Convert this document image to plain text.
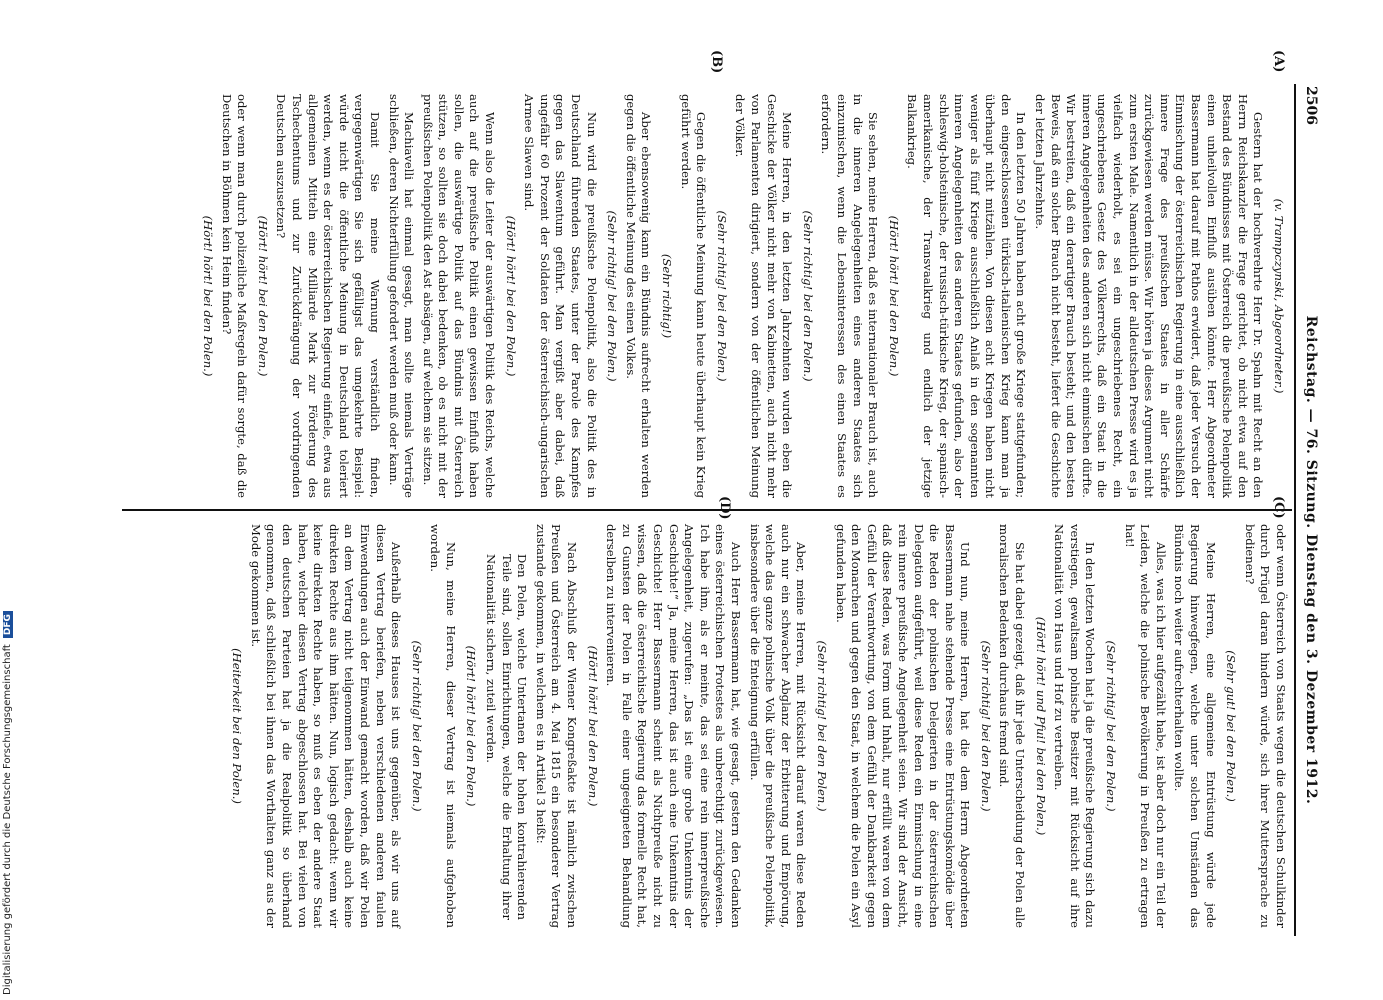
Digitalisierung gefördert durch die Deutsche ForschungsgemeinschaftDFG
2506
Reichstag. — 76. Sitzung. Dienstag den 3. Dezember 1912.
(A)
(B)
(C)
(D)

(v. Trampczynski, Abgeordneter.)

Gestern hat der hochverehrte Herr Dr. Spahn mit Recht an den Herrn Reichskanzler die Frage gerichtet, ob nicht etwa auf den Bestand des Bündnisses mit Österreich die preußische Polenpolitik einen unheilvollen Einfluß ausüben könnte. Herr Abgeordneter Bassermann hat darauf mit Pathos erwidert, daß jeder Versuch der Einmischung der österreichischen Regierung in eine ausschließlich innere Frage des preußischen Staates in aller Schärfe zurückgewiesen werden müsse. Wir hören ja dieses Argument nicht zum ersten Male. Namentlich in der alldeutschen Presse wird es ja vielfach wiederholt, es sei ein ungeschriebenes Recht, ein ungeschriebenes Gesetz des Völkerrechts, daß ein Staat in die inneren Angelegenheiten des anderen sich nicht einmischen dürfte. Wir bestreiten, daß ein derartiger Brauch besteht; und den besten Beweis, daß ein solcher Brauch nicht besteht, liefert die Geschichte der letzten Jahrzehnte.

In den letzten 50 Jahren haben acht große Kriege stattgefunden; den eingeschlossenen türkisch-italienischen Krieg kann man ja überhaupt nicht mitzählen. Von diesen acht Kriegen haben nicht weniger als fünf Kriege ausschließlich Anlaß in den sogenannten inneren Angelegenheiten des anderen Staates gefunden, also der schleswig-holsteinische, der russisch-türkische Krieg, der spanisch-amerikanische, der Transvaalkrieg und endlich der jetzige Balkankrieg.

(Hört! hört! bei den Polen.)

Sie sehen, meine Herren, daß es internationaler Brauch ist, auch in die inneren Angelegenheiten eines anderen Staates sich einzumischen, wenn die Lebensinteressen des einen Staates es erfordern.

(Sehr richtig! bei den Polen.)

Meine Herren, in den letzten Jahrzehnten wurden eben die Geschicke der Völker nicht mehr von Kabinetten, auch nicht mehr von Parlamenten dirigiert, sondern von der öffentlichen Meinung der Völker.

(Sehr richtig! bei den Polen.)

Gegen die öffentliche Meinung kann heute überhaupt kein Krieg geführt werden.

(Sehr richtig!)

Aber ebensowenig kann ein Bündnis aufrecht erhalten werden gegen die öffentliche Meinung des einen Volkes.

(Sehr richtig! bei den Polen.)

Nun wird die preußische Polenpolitik, also die Politik des in Deutschland führenden Staates, unter der Parole des Kampfes gegen das Slawentum geführt. Man vergißt aber dabei, daß ungefähr 60 Prozent der Soldaten der österreichisch-ungarischen Armee Slawen sind.

(Hört! hört! bei den Polen.)

Wenn also die Leiter der auswärtigen Politik des Reichs, welche auch auf die preußische Politik einen gewissen Einfluß haben sollen, die auswärtige Politik auf das Bündnis mit Österreich stützen, so sollten sie doch dabei bedenken, ob es nicht mit der preußischen Polenpolitik den Ast absägen, auf welchem sie sitzen.

Machiavelli hat einmal gesagt, man sollte niemals Verträge schließen, deren Nichterfüllung gefordert werden muß oder kann.

Damit Sie meine Warnung verständlich finden, vergegenwärtigen Sie sich gefälligst das umgekehrte Beispiel: würde nicht die öffentliche Meinung in Deutschland toleriert werden, wenn es der österreichischen Regierung einfiele, etwa aus allgemeinen Mitteln eine Milliarde Mark zur Förderung des Tschechentums und zur Zurückdrängung der vordringenden Deutschen auszusetzen?

(Hört! hört! bei den Polen.)

oder wenn man durch polizeiliche Maßregeln dafür sorgte, daß die Deutschen in Böhmen kein Heim finden?

(Hört! hört! bei den Polen.)

oder wenn Österreich von Staats wegen die deutschen Schulkinder durch Prügel daran hindern würde, sich ihrer Muttersprache zu bedienen?

(Sehr gut! bei den Polen.)

Meine Herren, eine allgemeine Entrüstung würde jede Regierung hinwegfegen, welche unter solchen Umständen das Bündnis noch weiter aufrechterhalten wollte.

Alles, was ich hier aufgezählt habe, ist aber doch nur ein Teil der Leiden, welche die polnische Bevölkerung in Preußen zu ertragen hat!

(Sehr richtig! bei den Polen.)

In den letzten Wochen hat ja die preußische Regierung sich dazu verstiegen, gewaltsam polnische Besitzer mit Rücksicht auf ihre Nationalität von Haus und Hof zu vertreiben.

(Hört! hört! und Pfui! bei den Polen.)

Sie hat dabei gezeigt, daß ihr jede Unterscheidung der Polen alle moralischen Bedenken durchaus fremd sind.

(Sehr richtig! bei den Polen.)

Und nun, meine Herren, hat die dem Herrn Abgeordneten Bassermann nahe stehende Presse eine Entrüstungskomödie über die Reden der polnischen Delegierten in der österreichischen Delegation aufgeführt, weil diese Reden ein Einmischung in eine rein innere preußische Angelegenheit seien. Wir sind der Ansicht, daß diese Reden, was Form und Inhalt, nur erfüllt waren von dem Gefühl der Verantwortung, von dem Gefühl der Dankbarkeit gegen den Monarchen und gegen den Staat, in welchem die Polen ein Asyl gefunden haben.

(Sehr richtig! bei den Polen.)

Aber, meine Herren, mit Rücksicht darauf waren diese Reden auch nur ein schwacher Abglanz der Erbitterung und Empörung, welche das ganze polnische Volk über die preußische Polenpolitik, insbesondere über die Enteignung erfüllen.

Auch Herr Bassermann hat, wie gesagt, gestern den Gedanken eines österreichischen Protestes als unberechtigt zurückgewiesen. Ich habe ihm, als er meinte, das sei eine rein innerpreußische Angelegenheit, zugerufen: „Das ist eine grobe Unkenntnis der Geschichte!“ Ja, meine Herren, das ist auch eine Unkenntnis der Geschichte! Herr Bassermann scheint als Nichtpreuße nicht zu wissen, daß die österreichische Regierung das formelle Recht hat, zu Gunsten der Polen in Falle einer ungeeigneten Behandlung derselben zu intervenieren.

(Hört! hört! bei den Polen.)

Nach Abschluß der Wiener Kongreßakte ist nämlich zwischen Preußen und Österreich am 4. Mai 1815 ein besonderer Vertrag zustande gekommen, in welchem es in Artikel 3 heißt:

Den Polen, welche Untertanen der hohen kontrahierenden Teile sind, sollen Einrichtungen, welche die Erhaltung ihrer Nationalität sichern, zuteil werden.

(Hört! hört! bei den Polen.)

Nun, meine Herren, dieser Vertrag ist niemals aufgehoben worden.

(Sehr richtig! bei den Polen.)

Außerhalb dieses Hauses ist uns gegenüber, als wir uns auf diesen Vertrag beriefen, neben verschiedenen anderen faulen Einwendungen auch der Einwand gemacht worden, daß wir Polen an dem Vertrag nicht teilgenommen hätten, deshalb auch keine direkten Rechte aus ihm hätten. Nun, logisch gedacht: wenn wir keine direkten Rechte haben, so muß es eben der andere Staat haben, welcher diesen Vertrag abgeschlossen hat. Bei vielen von den deutschen Parteien hat ja die Realpolitik so überhand genommen, daß schließlich bei ihnen das Worthalten ganz aus der Mode gekommen ist.

(Heiterkeit bei den Polen.)
